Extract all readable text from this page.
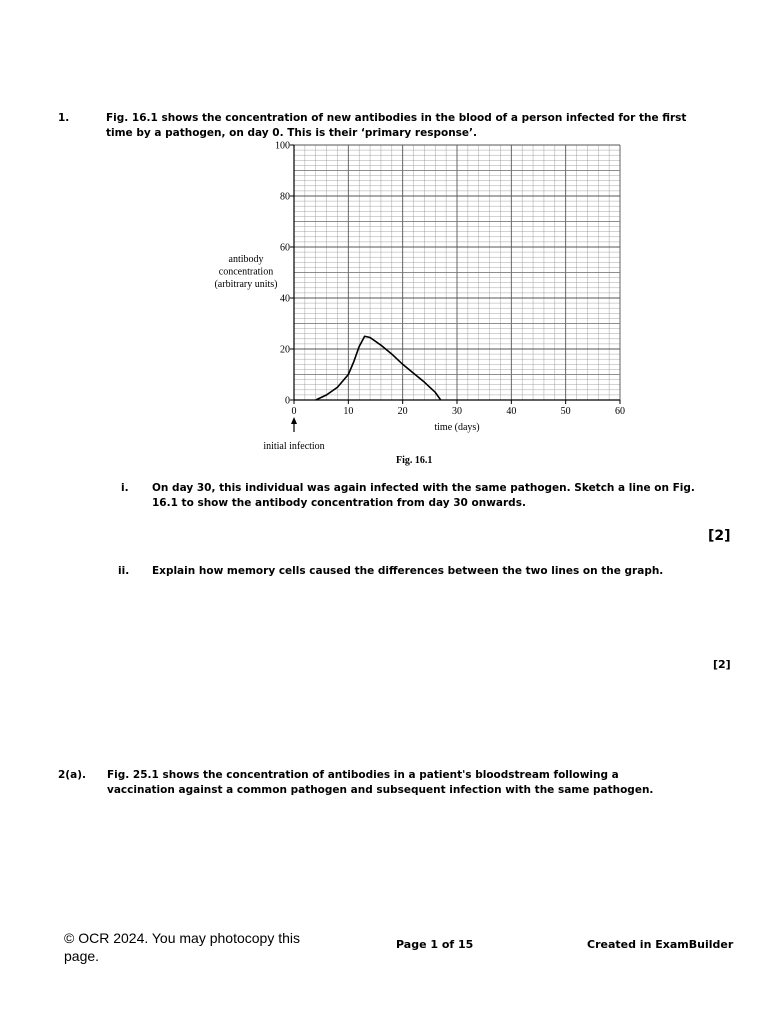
1.	Fig. 16.1 shows the concentration of new antibodies in the blood of a person infected for the first
time by a pathogen, on day 0. This is their ‘primary response’.
0
20
40
60
80
100
0	10	20	30	40	50	60
antibody
concentration
(arbitrary units)
time (days)
initial infection
Fig. 16.1
i. On day 30, this individual was again infected with the same pathogen. Sketch a line on Fig.
16.1 to show the antibody concentration from day 30 onwards.
[2]
ii. Explain how memory cells caused the differences between the two lines on the graph.
[2]
2(a). Fig. 25.1 shows the concentration of antibodies in a patient's bloodstream following a
vaccination against a common pathogen and subsequent infection with the same pathogen.
© OCR 2024. You may photocopy this
page.
Page 1 of 15	Created in ExamBuilder
